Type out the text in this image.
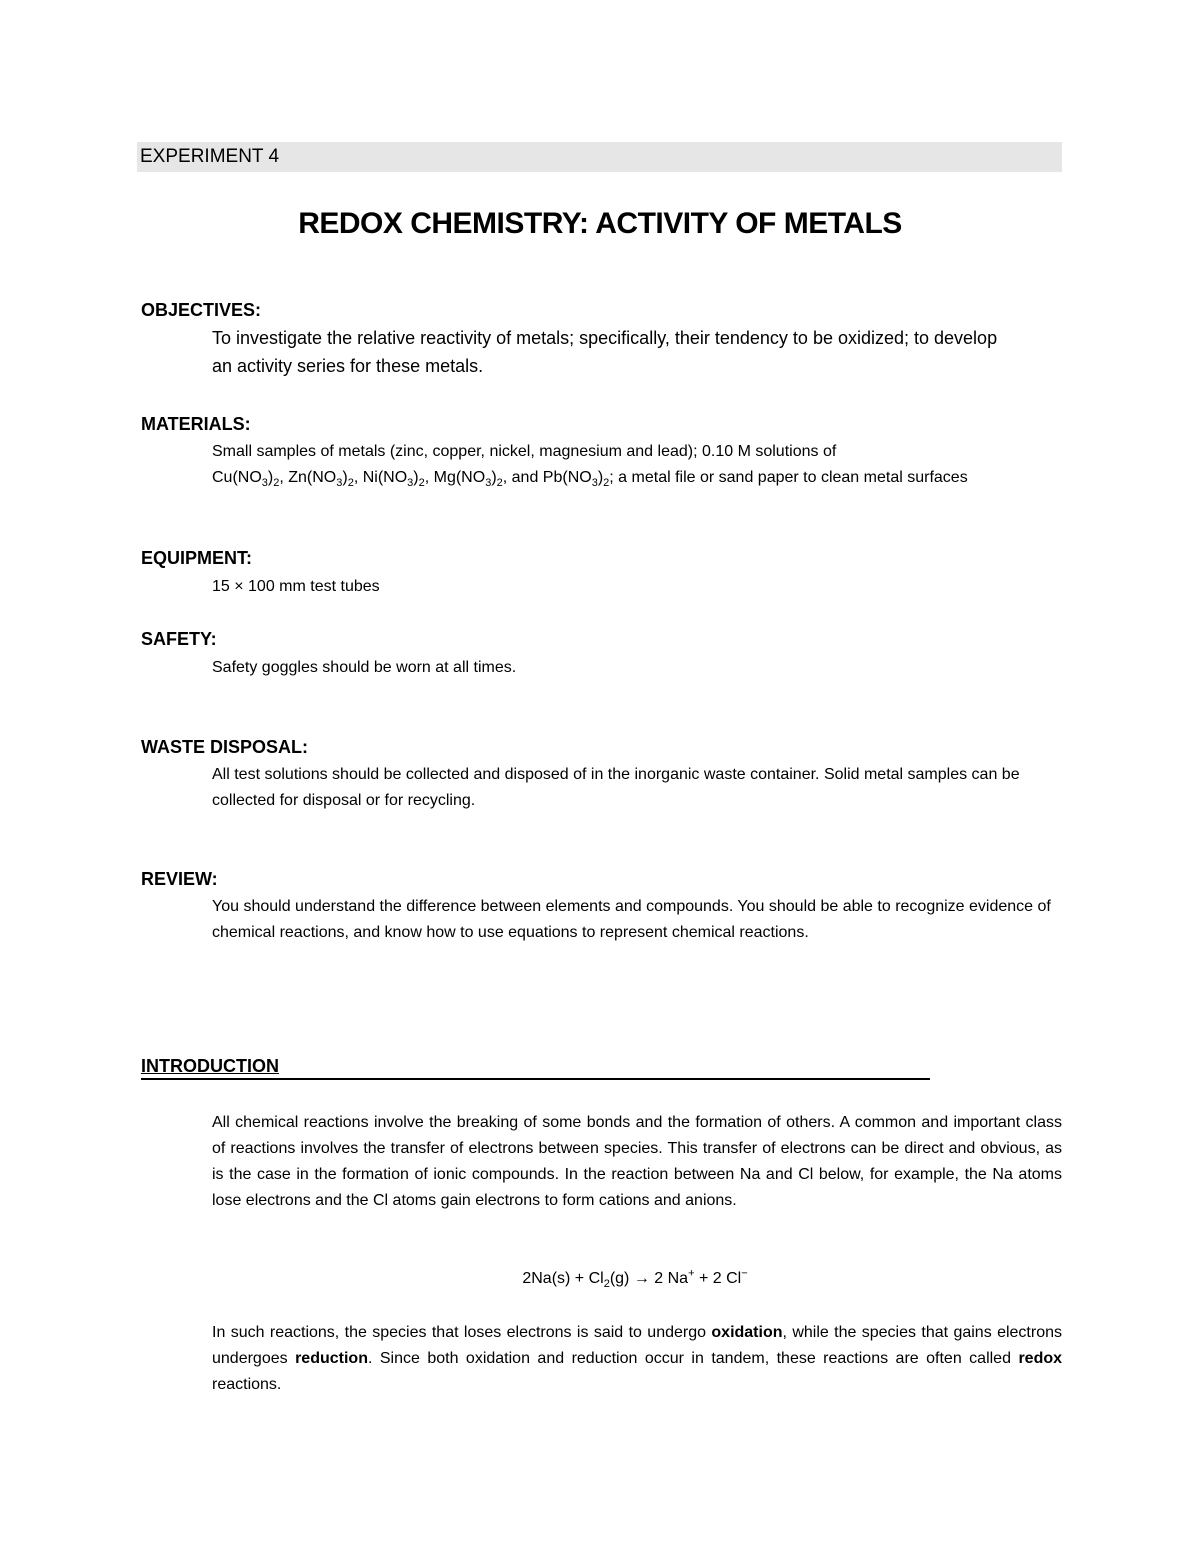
EXPERIMENT 4
REDOX CHEMISTRY: ACTIVITY OF METALS
OBJECTIVES:
To investigate the relative reactivity of metals; specifically, their tendency to be oxidized; to develop an activity series for these metals.
MATERIALS:

Small samples of metals (zinc, copper, nickel, magnesium and lead); 0.10 M solutions of

$Cu(NO_3)_2$, $Zn(NO_3)_2$, $Ni(NO_3)_2$, $Mg(NO_3)_2$, and $Pb(NO_3)_2$; a metal file or sand paper to clean metal surfaces

EQUIPMENT:
15 × 100 mm test tubes
SAFETY:
Safety goggles should be worn at all times.
WASTE DISPOSAL:
All test solutions should be collected and disposed of in the inorganic waste container. Solid metal samples can be collected for disposal or for recycling.
REVIEW:
You should understand the difference between elements and compounds. You should be able to recognize evidence of chemical reactions, and know how to use equations to represent chemical reactions.
INTRODUCTION
All chemical reactions involve the breaking of some bonds and the formation of others. A common and important class of reactions involves the transfer of electrons between species. This transfer of electrons can be direct and obvious, as is the case in the formation of ionic compounds. In the reaction between Na and Cl below, for example, the Na atoms lose electrons and the Cl atoms gain electrons to form cations and anions.
$2Na(s) + Cl_2(g) \to 2$ Na+ + 2 Cl−
In such reactions, the species that loses electrons is said to undergo oxidation, while the species that gains electrons undergoes reduction. Since both oxidation and reduction occur in tandem, these reactions are often called redox reactions.
